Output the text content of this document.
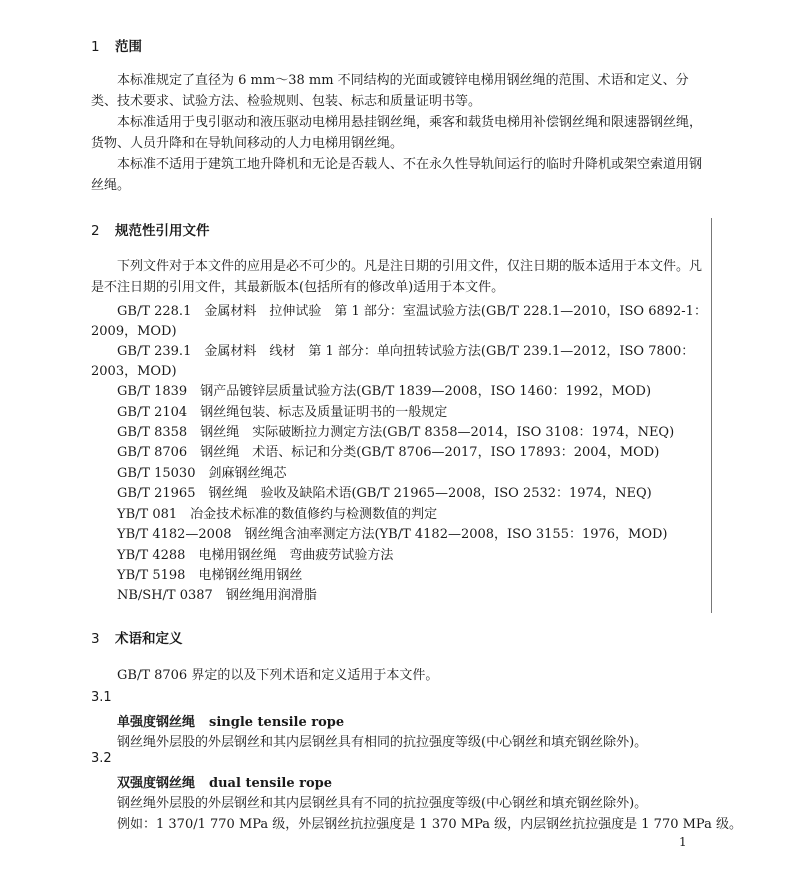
1 范围
本标准规定了直径为 6 mm～38 mm 不同结构的光面或镀锌电梯用钢丝绳的范围、术语和定义、分类、技术要求、试验方法、检验规则、包装、标志和质量证明书等。
本标准适用于曳引驱动和液压驱动电梯用悬挂钢丝绳，乘客和载货电梯用补偿钢丝绳和限速器钢丝绳，货物、人员升降和在导轨间移动的人力电梯用钢丝绳。
本标准不适用于建筑工地升降机和无论是否载人、不在永久性导轨间运行的临时升降机或架空索道用钢丝绳。
2 规范性引用文件
下列文件对于本文件的应用是必不可少的。凡是注日期的引用文件，仅注日期的版本适用于本文件。凡是不注日期的引用文件，其最新版本(包括所有的修改单)适用于本文件。
GB/T 228.1　金属材料　拉伸试验　第 1 部分：室温试验方法(GB/T 228.1—2010，ISO 6892-1：
2009，MOD)
GB/T 239.1　金属材料　线材　第 1 部分：单向扭转试验方法(GB/T 239.1—2012，ISO 7800：
2003，MOD)
GB/T 1839　钢产品镀锌层质量试验方法(GB/T 1839—2008，ISO 1460：1992，MOD)
GB/T 2104　钢丝绳包装、标志及质量证明书的一般规定
GB/T 8358　钢丝绳　实际破断拉力测定方法(GB/T 8358—2014，ISO 3108：1974，NEQ)
GB/T 8706　钢丝绳　术语、标记和分类(GB/T 8706—2017，ISO 17893：2004，MOD)
GB/T 15030　剑麻钢丝绳芯
GB/T 21965　钢丝绳　验收及缺陷术语(GB/T 21965—2008，ISO 2532：1974，NEQ)
YB/T 081　冶金技术标准的数值修约与检测数值的判定
YB/T 4182—2008　钢丝绳含油率测定方法(YB/T 4182—2008，ISO 3155：1976，MOD)
YB/T 4288　电梯用钢丝绳　弯曲疲劳试验方法
YB/T 5198　电梯钢丝绳用钢丝
NB/SH/T 0387　钢丝绳用润滑脂
3 术语和定义
GB/T 8706 界定的以及下列术语和定义适用于本文件。
3.1
单强度钢丝绳 single tensile rope
钢丝绳外层股的外层钢丝和其内层钢丝具有相同的抗拉强度等级(中心钢丝和填充钢丝除外)。
3.2
双强度钢丝绳 dual tensile rope
钢丝绳外层股的外层钢丝和其内层钢丝具有不同的抗拉强度等级(中心钢丝和填充钢丝除外)。
例如：1 370/1 770 MPa 级，外层钢丝抗拉强度是 1 370 MPa 级，内层钢丝抗拉强度是 1 770 MPa 级。
1
